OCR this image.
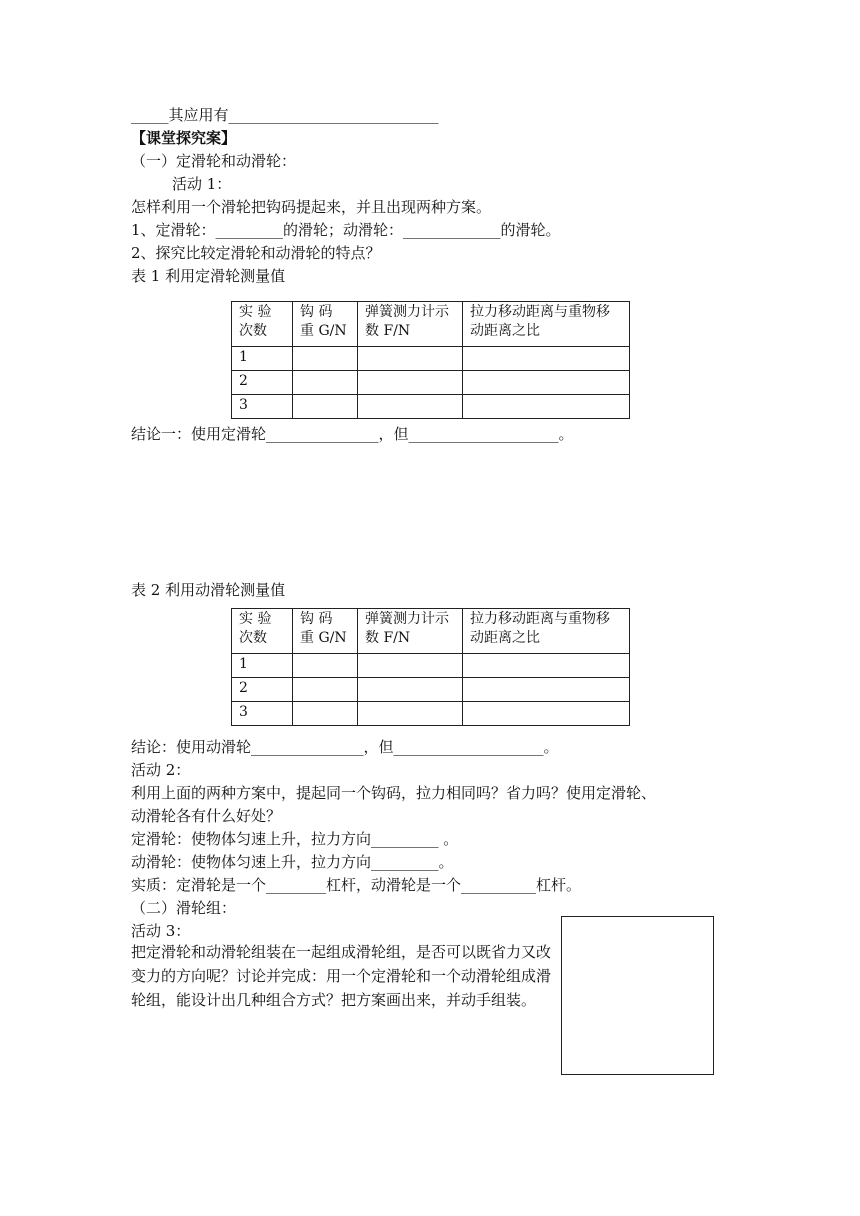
_____其应用有____________________________
【课堂探究案】
（一）定滑轮和动滑轮：
活动 1：
怎样利用一个滑轮把钩码提起来，并且出现两种方案。
1、定滑轮：_________的滑轮；动滑轮：_____________的滑轮。
2、探究比较定滑轮和动滑轮的特点？
表 1 利用定滑轮测量值
实 验 次数	钩 码 重 G/N	弹簧测力计示数 F/N	拉力移动距离与重物移动距离之比
1			
2			
3			
结论一：使用定滑轮_______________，但____________________。
表 2 利用动滑轮测量值
实 验 次数	钩 码 重 G/N	弹簧测力计示数 F/N	拉力移动距离与重物移动距离之比
1			
2			
3			
结论：使用动滑轮_______________，但____________________。
活动 2：
利用上面的两种方案中，提起同一个钩码，拉力相同吗？省力吗？使用定滑轮、
动滑轮各有什么好处？
定滑轮：使物体匀速上升，拉力方向_________ 。
动滑轮：使物体匀速上升，拉力方向_________。
实质：定滑轮是一个________杠杆，动滑轮是一个__________杠杆。
（二）滑轮组：
活动 3：
把定滑轮和动滑轮组装在一起组成滑轮组，是否可以既省力又改变力的方向呢？讨论并完成：用一个定滑轮和一个动滑轮组成滑轮组，能设计出几种组合方式？把方案画出来，并动手组装。
